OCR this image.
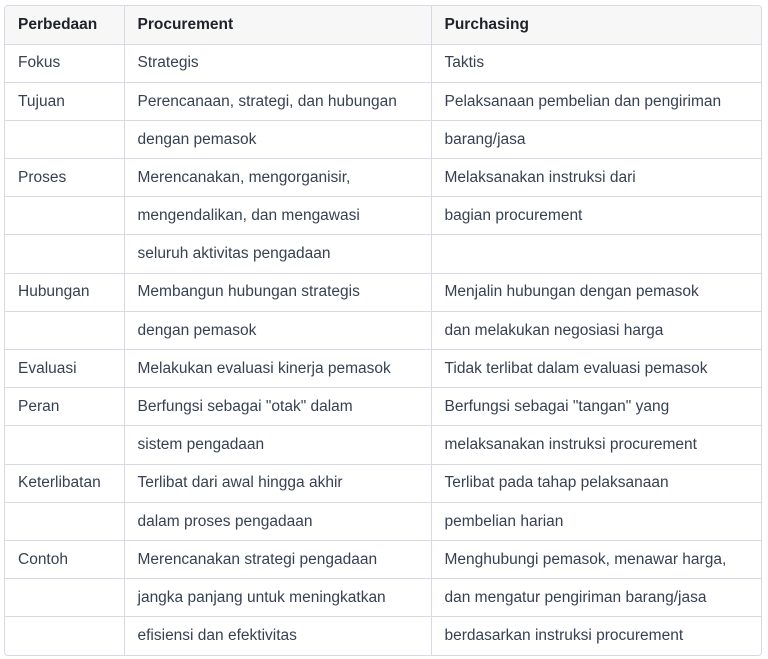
Perbedaan	Procurement	Purchasing
Fokus	Strategis	Taktis
Tujuan	Perencanaan, strategi, dan hubungan	Pelaksanaan pembelian dan pengiriman
	dengan pemasok	barang/jasa
Proses	Merencanakan, mengorganisir,	Melaksanakan instruksi dari
	mengendalikan, dan mengawasi	bagian procurement
	seluruh aktivitas pengadaan	
Hubungan	Membangun hubungan strategis	Menjalin hubungan dengan pemasok
	dengan pemasok	dan melakukan negosiasi harga
Evaluasi	Melakukan evaluasi kinerja pemasok	Tidak terlibat dalam evaluasi pemasok
Peran	Berfungsi sebagai "otak" dalam	Berfungsi sebagai "tangan" yang
	sistem pengadaan	melaksanakan instruksi procurement
Keterlibatan	Terlibat dari awal hingga akhir	Terlibat pada tahap pelaksanaan
	dalam proses pengadaan	pembelian harian
Contoh	Merencanakan strategi pengadaan	Menghubungi pemasok, menawar harga,
	jangka panjang untuk meningkatkan	dan mengatur pengiriman barang/jasa
	efisiensi dan efektivitas	berdasarkan instruksi procurement
